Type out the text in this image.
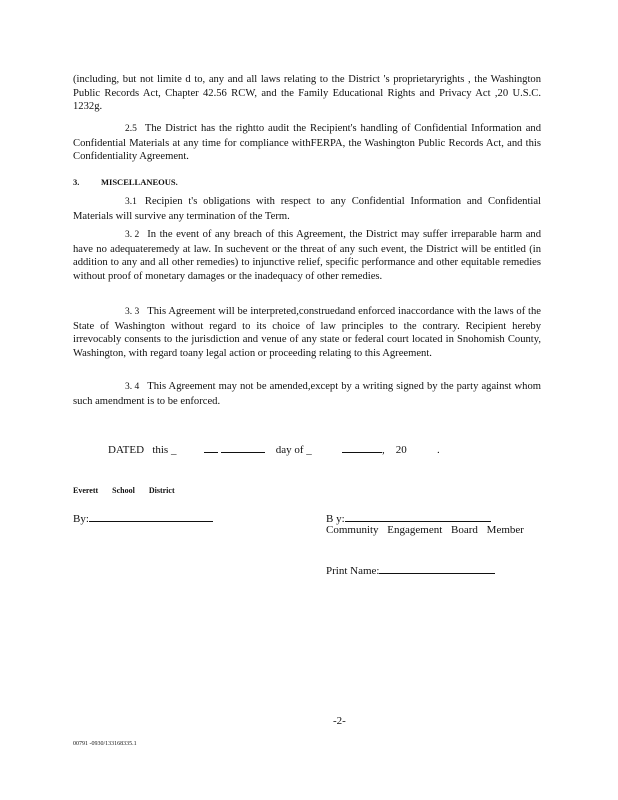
(including, but not limite d to, any and all laws relating to the District 's proprietaryrights , the Washington Public Records Act, Chapter 42.56 RCW, and the Family Educational Rights and Privacy Act ,20 U.S.C. 1232g.

2.5 The District has the rightto audit the Recipient's handling of Confidential Information and Confidential Materials at any time for compliance withFERPA, the Washington Public Records Act, and this Confidentiality Agreement.

3.	MISCELLANEOUS.

3.1 Recipien t's obligations with respect to any Confidential Information and Confidential Materials will survive any termination of the Term.

3. 2 In the event of any breach of this Agreement, the District may suffer irreparable harm and have no adequateremedy at law. In suchevent or the threat of any such event, the District will be entitled (in addition to any and all other remedies) to injunctive relief, specific performance and other equitable remedies without proof of monetary damages or the inadequacy of other remedies.

3. 3 This Agreement will be interpreted,construedand enforced inaccordance with the laws of the State of Washington without regard to its choice of law principles to the contrary. Recipient hereby irrevocably consents to the jurisdiction and venue of any state or federal court located in Snohomish County, Washington, with regard toany legal action or proceeding relating to this Agreement.

3. 4 This Agreement may not be amended,except by a writing signed by the party against whom such amendment is to be enforced.

DATED this _	day of _	, 20	.
Everett School District
By:	B y:
Community Engagement Board Member
Print Name:
-2-
00791 -0930/133168335.1
